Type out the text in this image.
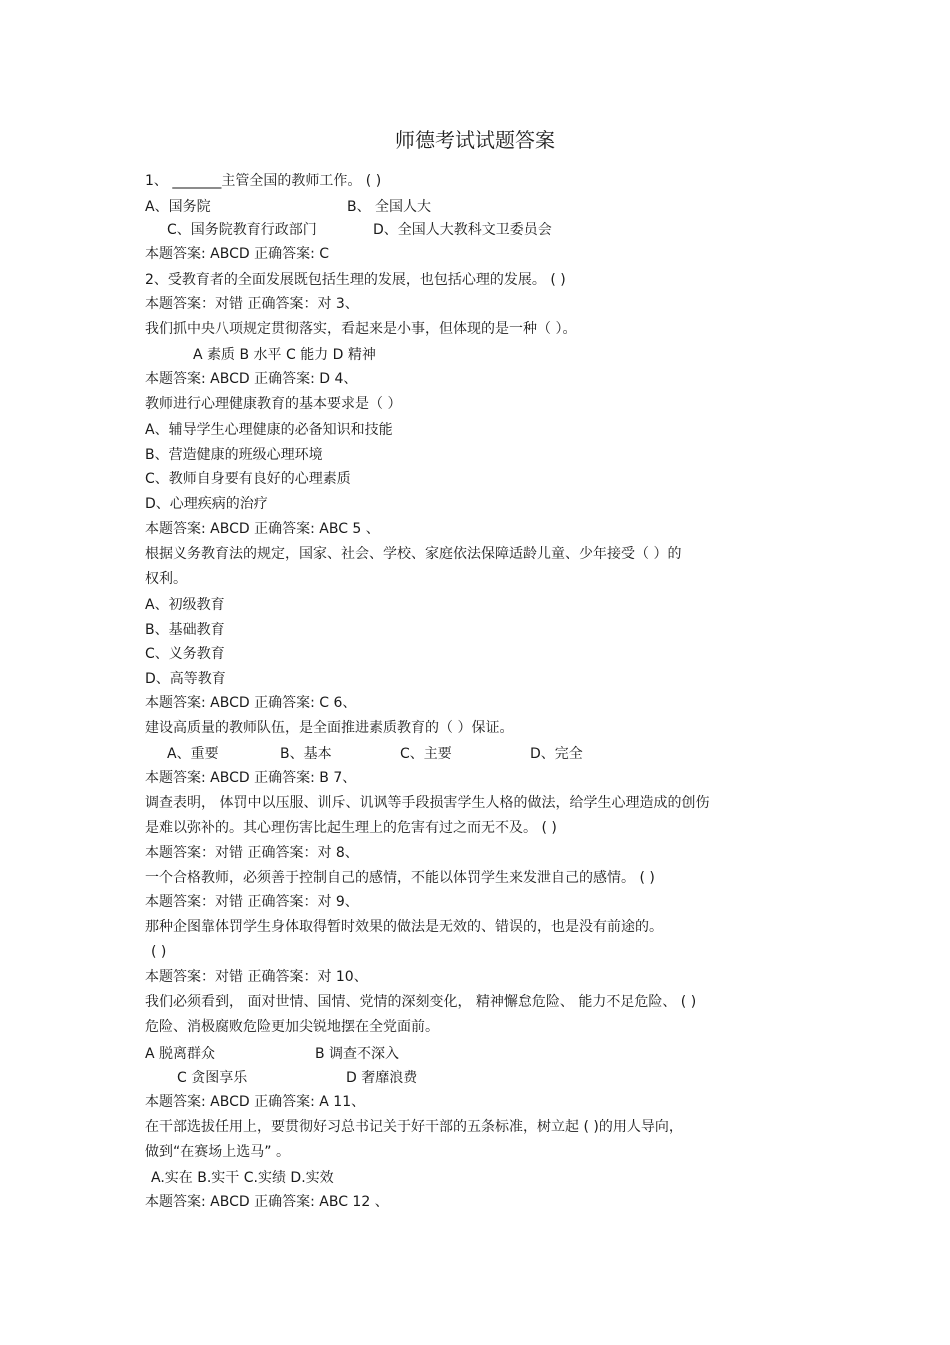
师德考试试题答案
1、 _______主管全国的教师工作。 ( )
A、国务院	B、 全国人大
C、国务院教育行政部门	D、全国人大教科文卫委员会
本题答案: ABCD 正确答案: C
2、受教育者的全面发展既包括生理的发展，也包括心理的发展。 ( )
本题答案：对错 正确答案：对 3、
我们抓中央八项规定贯彻落实，看起来是小事，但体现的是一种（ ）。
A 素质 B 水平 C 能力 D 精神
本题答案: ABCD 正确答案: D 4、
教师进行心理健康教育的基本要求是（ ）
A、辅导学生心理健康的必备知识和技能
B、营造健康的班级心理环境
C、教师自身要有良好的心理素质
D、心理疾病的治疗
本题答案: ABCD 正确答案: ABC 5 、
根据义务教育法的规定，国家、社会、学校、家庭依法保障适龄儿童、少年接受（ ）的
权利。
A、初级教育
B、基础教育
C、义务教育
D、高等教育
本题答案: ABCD 正确答案: C 6、
建设高质量的教师队伍，是全面推进素质教育的（ ）保证。
A、重要	B、基本	C、主要	D、完全
本题答案: ABCD 正确答案: B 7、
调查表明， 体罚中以压服、训斥、讥讽等手段损害学生人格的做法，给学生心理造成的创伤
是难以弥补的。其心理伤害比起生理上的危害有过之而无不及。 ( )
本题答案：对错 正确答案：对 8、
一个合格教师，必须善于控制自己的感情，不能以体罚学生来发泄自己的感情。 ( )
本题答案：对错 正确答案：对 9、
那种企图靠体罚学生身体取得暂时效果的做法是无效的、错误的，也是没有前途的。
( )
本题答案：对错 正确答案：对 10、
我们必须看到， 面对世情、国情、党情的深刻变化， 精神懈怠危险、 能力不足危险、 ( )
危险、消极腐败危险更加尖锐地摆在全党面前。
A 脱离群众	B 调查不深入
C 贪图享乐	D 奢靡浪费
本题答案: ABCD 正确答案: A 11、
在干部选拔任用上，要贯彻好习总书记关于好干部的五条标准，树立起 ( )的用人导向，
做到“在赛场上选马” 。
A.实在 B.实干 C.实绩 D.实效
本题答案: ABCD 正确答案: ABC 12 、
